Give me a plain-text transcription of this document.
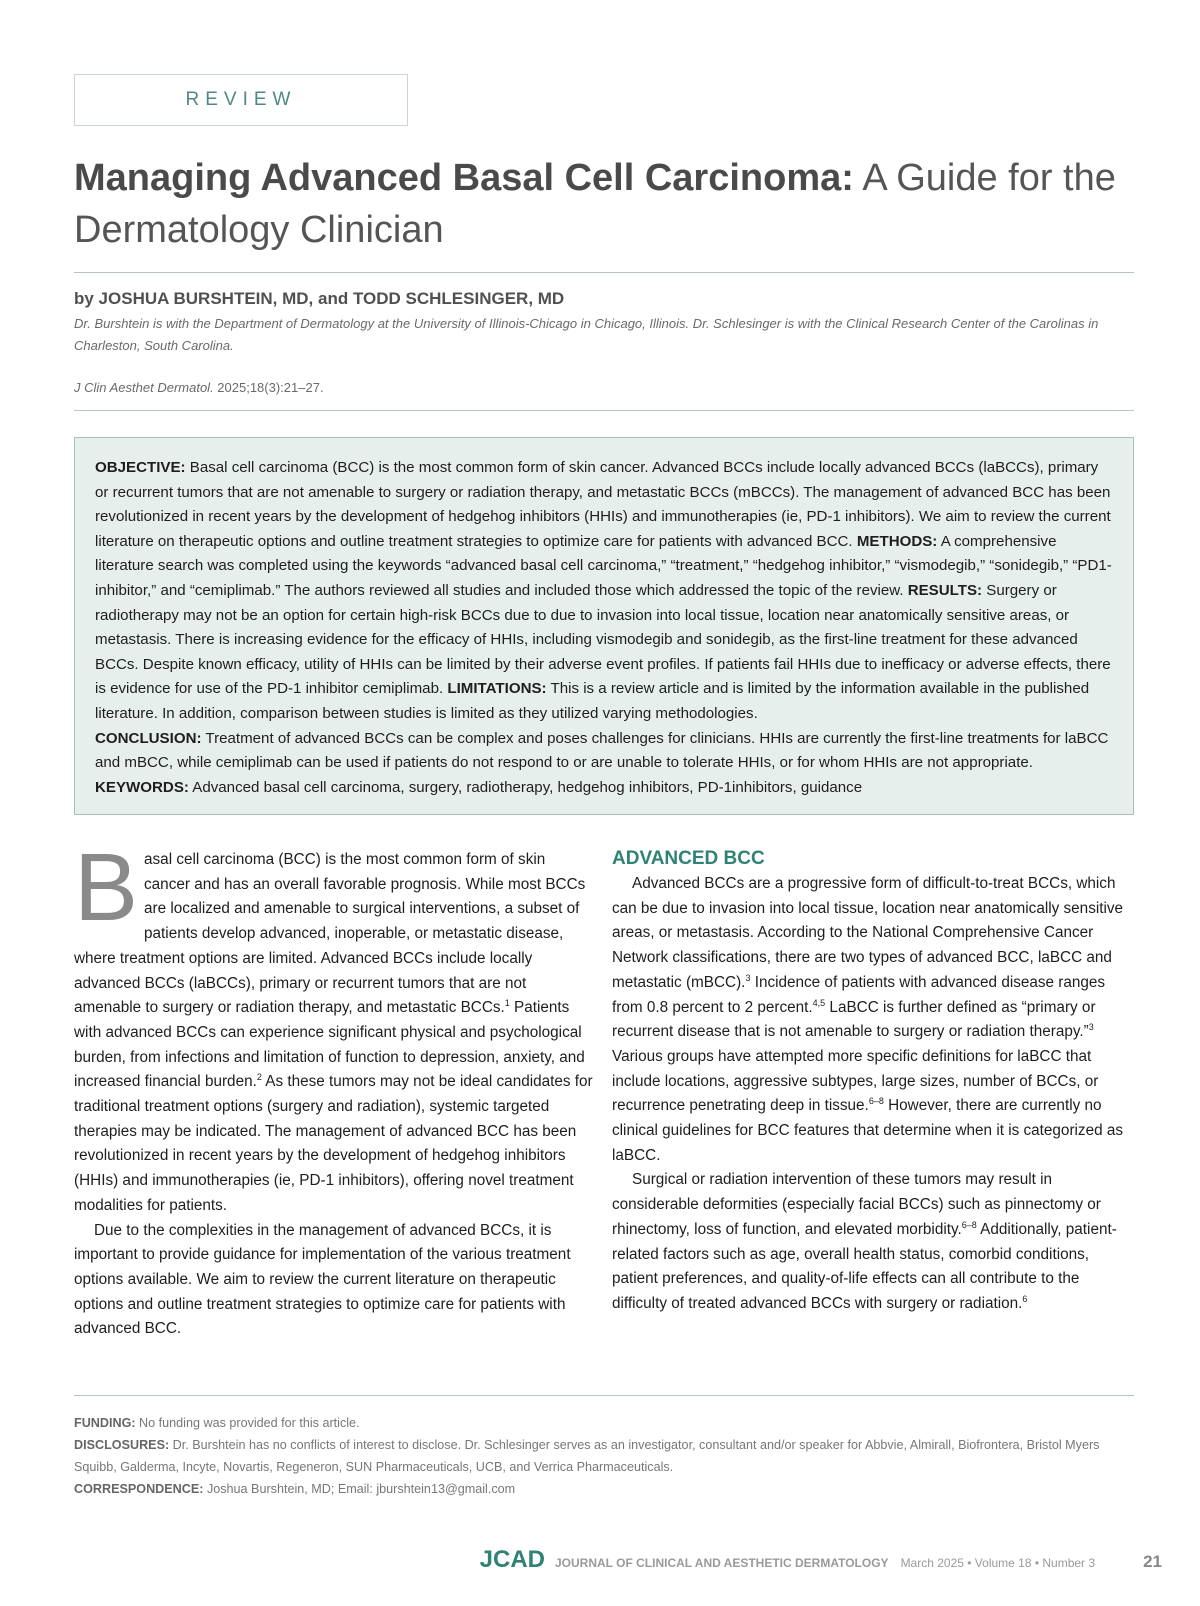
REVIEW
Managing Advanced Basal Cell Carcinoma: A Guide for the Dermatology Clinician
by JOSHUA BURSHTEIN, MD, and TODD SCHLESINGER, MD
Dr. Burshtein is with the Department of Dermatology at the University of Illinois-Chicago in Chicago, Illinois. Dr. Schlesinger is with the Clinical Research Center of the Carolinas in Charleston, South Carolina.
J Clin Aesthet Dermatol. 2025;18(3):21–27.
OBJECTIVE: Basal cell carcinoma (BCC) is the most common form of skin cancer. Advanced BCCs include locally advanced BCCs (laBCCs), primary or recurrent tumors that are not amenable to surgery or radiation therapy, and metastatic BCCs (mBCCs). The management of advanced BCC has been revolutionized in recent years by the development of hedgehog inhibitors (HHIs) and immunotherapies (ie, PD-1 inhibitors). We aim to review the current literature on therapeutic options and outline treatment strategies to optimize care for patients with advanced BCC. METHODS: A comprehensive literature search was completed using the keywords “advanced basal cell carcinoma,” “treatment,” “hedgehog inhibitor,” “vismodegib,” “sonidegib,” “PD1-inhibitor,” and “cemiplimab.” The authors reviewed all studies and included those which addressed the topic of the review. RESULTS: Surgery or radiotherapy may not be an option for certain high-risk BCCs due to due to invasion into local tissue, location near anatomically sensitive areas, or metastasis. There is increasing evidence for the efficacy of HHIs, including vismodegib and sonidegib, as the first-line treatment for these advanced BCCs. Despite known efficacy, utility of HHIs can be limited by their adverse event profiles. If patients fail HHIs due to inefficacy or adverse effects, there is evidence for use of the PD-1 inhibitor cemiplimab. LIMITATIONS: This is a review article and is limited by the information available in the published literature. In addition, comparison between studies is limited as they utilized varying methodologies.
CONCLUSION: Treatment of advanced BCCs can be complex and poses challenges for clinicians. HHIs are currently the first-line treatments for laBCC and mBCC, while cemiplimab can be used if patients do not respond to or are unable to tolerate HHIs, or for whom HHIs are not appropriate.
KEYWORDS: Advanced basal cell carcinoma, surgery, radiotherapy, hedgehog inhibitors, PD-1inhibitors, guidance

Basal cell carcinoma (BCC) is the most common form of skin cancer and has an overall favorable prognosis. While most BCCs are localized and amenable to surgical interventions, a subset of patients develop advanced, inoperable, or metastatic disease, where treatment options are limited. Advanced BCCs include locally advanced BCCs (laBCCs), primary or recurrent tumors that are not amenable to surgery or radiation therapy, and metastatic BCCs.$^1$ Patients with advanced BCCs can experience significant physical and psychological burden, from infections and limitation of function to depression, anxiety, and increased financial burden.$^2$ As these tumors may not be ideal candidates for traditional treatment options (surgery and radiation), systemic targeted therapies may be indicated. The management of advanced BCC has been revolutionized in recent years by the development of hedgehog inhibitors (HHIs) and immunotherapies (ie, PD-1 inhibitors), offering novel treatment modalities for patients.

Due to the complexities in the management of advanced BCCs, it is important to provide guidance for implementation of the various treatment options available. We aim to review the current literature on therapeutic options and outline treatment strategies to optimize care for patients with advanced BCC.

ADVANCED BCC

Advanced BCCs are a progressive form of difficult-to-treat BCCs, which can be due to invasion into local tissue, location near anatomically sensitive areas, or metastasis. According to the National Comprehensive Cancer Network classifications, there are two types of advanced BCC, laBCC and metastatic (mBCC).$^3$ Incidence of patients with advanced disease ranges from 0.8 percent to 2 percent.$^{4,5}$ LaBCC is further defined as “primary or recurrent disease that is not amenable to surgery or radiation therapy.”$^3$ Various groups have attempted more specific definitions for laBCC that include locations, aggressive subtypes, large sizes, number of BCCs, or recurrence penetrating deep in tissue.$^{6-8}$ However, there are currently no clinical guidelines for BCC features that determine when it is categorized as laBCC.

Surgical or radiation intervention of these tumors may result in considerable deformities (especially facial BCCs) such as pinnectomy or rhinectomy, loss of function, and elevated morbidity.$^{6-8}$ Additionally, patient-related factors such as age, overall health status, comorbid conditions, patient preferences, and quality-of-life effects can all contribute to the difficulty of treated advanced BCCs with surgery or radiation.$^6$

FUNDING: No funding was provided for this article.

DISCLOSURES: Dr. Burshtein has no conflicts of interest to disclose. Dr. Schlesinger serves as an investigator, consultant and/or speaker for Abbvie, Almirall, Biofrontera, Bristol Myers Squibb, Galderma, Incyte, Novartis, Regeneron, SUN Pharmaceuticals, UCB, and Verrica Pharmaceuticals.

CORRESPONDENCE: Joshua Burshtein, MD; Email: jburshtein13@gmail.com

JCAD JOURNAL OF CLINICAL AND AESTHETIC DERMATOLOGY March 2025 • Volume 18 • Number 3	21
